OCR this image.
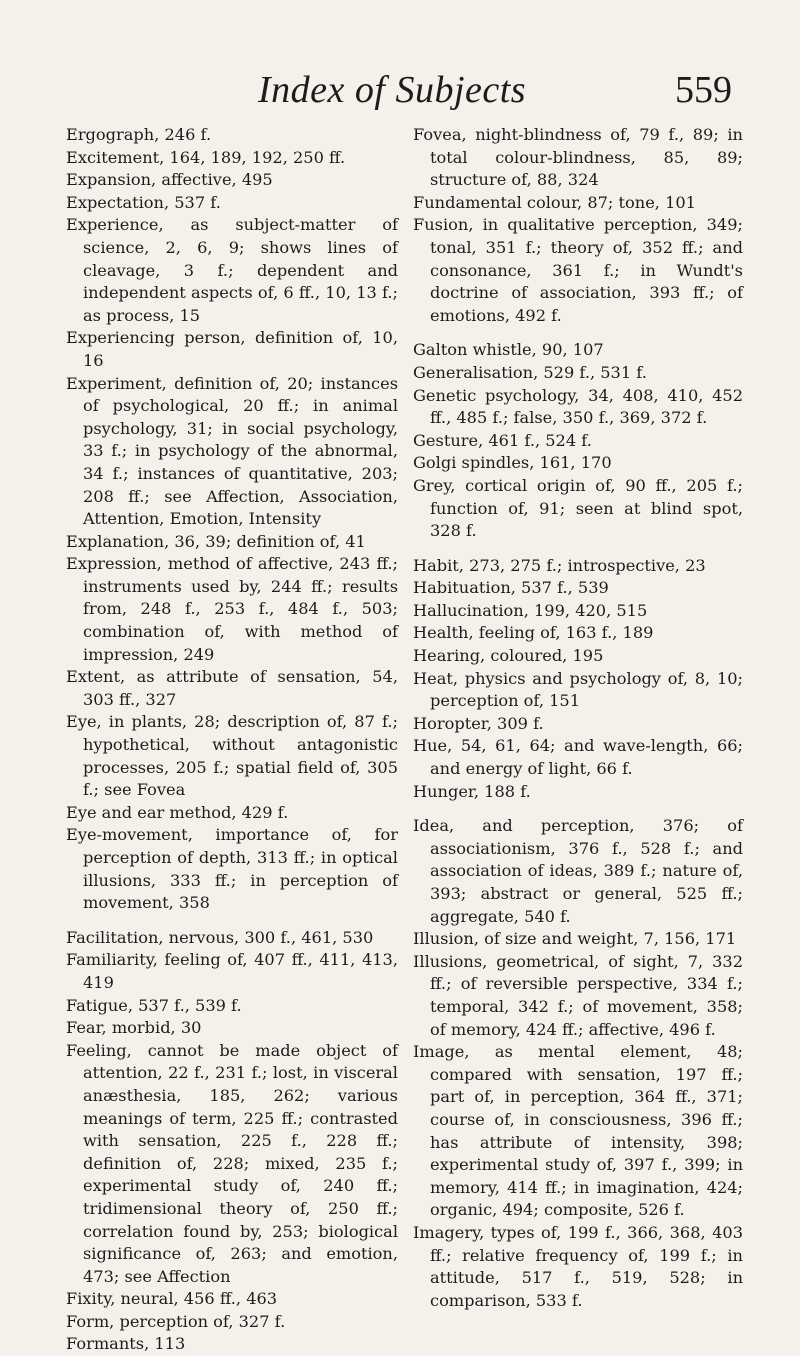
Index of Subjects	559
Ergograph, 246 f.
Excitement, 164, 189, 192, 250 ff.
Expansion, affective, 495
Expectation, 537 f.
Experience, as subject-matter of science, 2, 6, 9; shows lines of cleavage, 3 f.; dependent and independent aspects of, 6 ff., 10, 13 f.; as process, 15
Experiencing person, definition of, 10, 16
Experiment, definition of, 20; instances of psychological, 20 ff.; in animal psychology, 31; in social psychology, 33 f.; in psychology of the abnormal, 34 f.; instances of quantitative, 203; 208 ff.; see Affection, Association, Attention, Emotion, Intensity
Explanation, 36, 39; definition of, 41
Expression, method of affective, 243 ff.; instruments used by, 244 ff.; results from, 248 f., 253 f., 484 f., 503; combination of, with method of impression, 249
Extent, as attribute of sensation, 54, 303 ff., 327
Eye, in plants, 28; description of, 87 f.; hypothetical, without antagonistic processes, 205 f.; spatial field of, 305 f.; see Fovea
Eye and ear method, 429 f.
Eye-movement, importance of, for perception of depth, 313 ff.; in optical illusions, 333 ff.; in perception of movement, 358
Facilitation, nervous, 300 f., 461, 530
Familiarity, feeling of, 407 ff., 411, 413, 419
Fatigue, 537 f., 539 f.
Fear, morbid, 30
Feeling, cannot be made object of attention, 22 f., 231 f.; lost, in visceral anæsthesia, 185, 262; various meanings of term, 225 ff.; contrasted with sensation, 225 f., 228 ff.; definition of, 228; mixed, 235 f.; experimental study of, 240 ff.; tridimensional theory of, 250 ff.; correlation found by, 253; biological significance of, 263; and emotion, 473; see Affection
Fixity, neural, 456 ff., 463
Form, perception of, 327 f.
Formants, 113
Fovea, night-blindness of, 79 f., 89; in total colour-blindness, 85, 89; structure of, 88, 324
Fundamental colour, 87; tone, 101
Fusion, in qualitative perception, 349; tonal, 351 f.; theory of, 352 ff.; and consonance, 361 f.; in Wundt's doctrine of association, 393 ff.; of emotions, 492 f.
Galton whistle, 90, 107
Generalisation, 529 f., 531 f.
Genetic psychology, 34, 408, 410, 452 ff., 485 f.; false, 350 f., 369, 372 f.
Gesture, 461 f., 524 f.
Golgi spindles, 161, 170
Grey, cortical origin of, 90 ff., 205 f.; function of, 91; seen at blind spot, 328 f.
Habit, 273, 275 f.; introspective, 23
Habituation, 537 f., 539
Hallucination, 199, 420, 515
Health, feeling of, 163 f., 189
Hearing, coloured, 195
Heat, physics and psychology of, 8, 10; perception of, 151
Horopter, 309 f.
Hue, 54, 61, 64; and wave-length, 66; and energy of light, 66 f.
Hunger, 188 f.
Idea, and perception, 376; of associationism, 376 f., 528 f.; and association of ideas, 389 f.; nature of, 393; abstract or general, 525 ff.; aggregate, 540 f.
Illusion, of size and weight, 7, 156, 171
Illusions, geometrical, of sight, 7, 332 ff.; of reversible perspective, 334 f.; temporal, 342 f.; of movement, 358; of memory, 424 ff.; affective, 496 f.
Image, as mental element, 48; compared with sensation, 197 ff.; part of, in perception, 364 ff., 371; course of, in consciousness, 396 ff.; has attribute of intensity, 398; experimental study of, 397 f., 399; in memory, 414 ff.; in imagination, 424; organic, 494; composite, 526 f.
Imagery, types of, 199 f., 366, 368, 403 ff.; relative frequency of, 199 f.; in attitude, 517 f., 519, 528; in comparison, 533 f.
